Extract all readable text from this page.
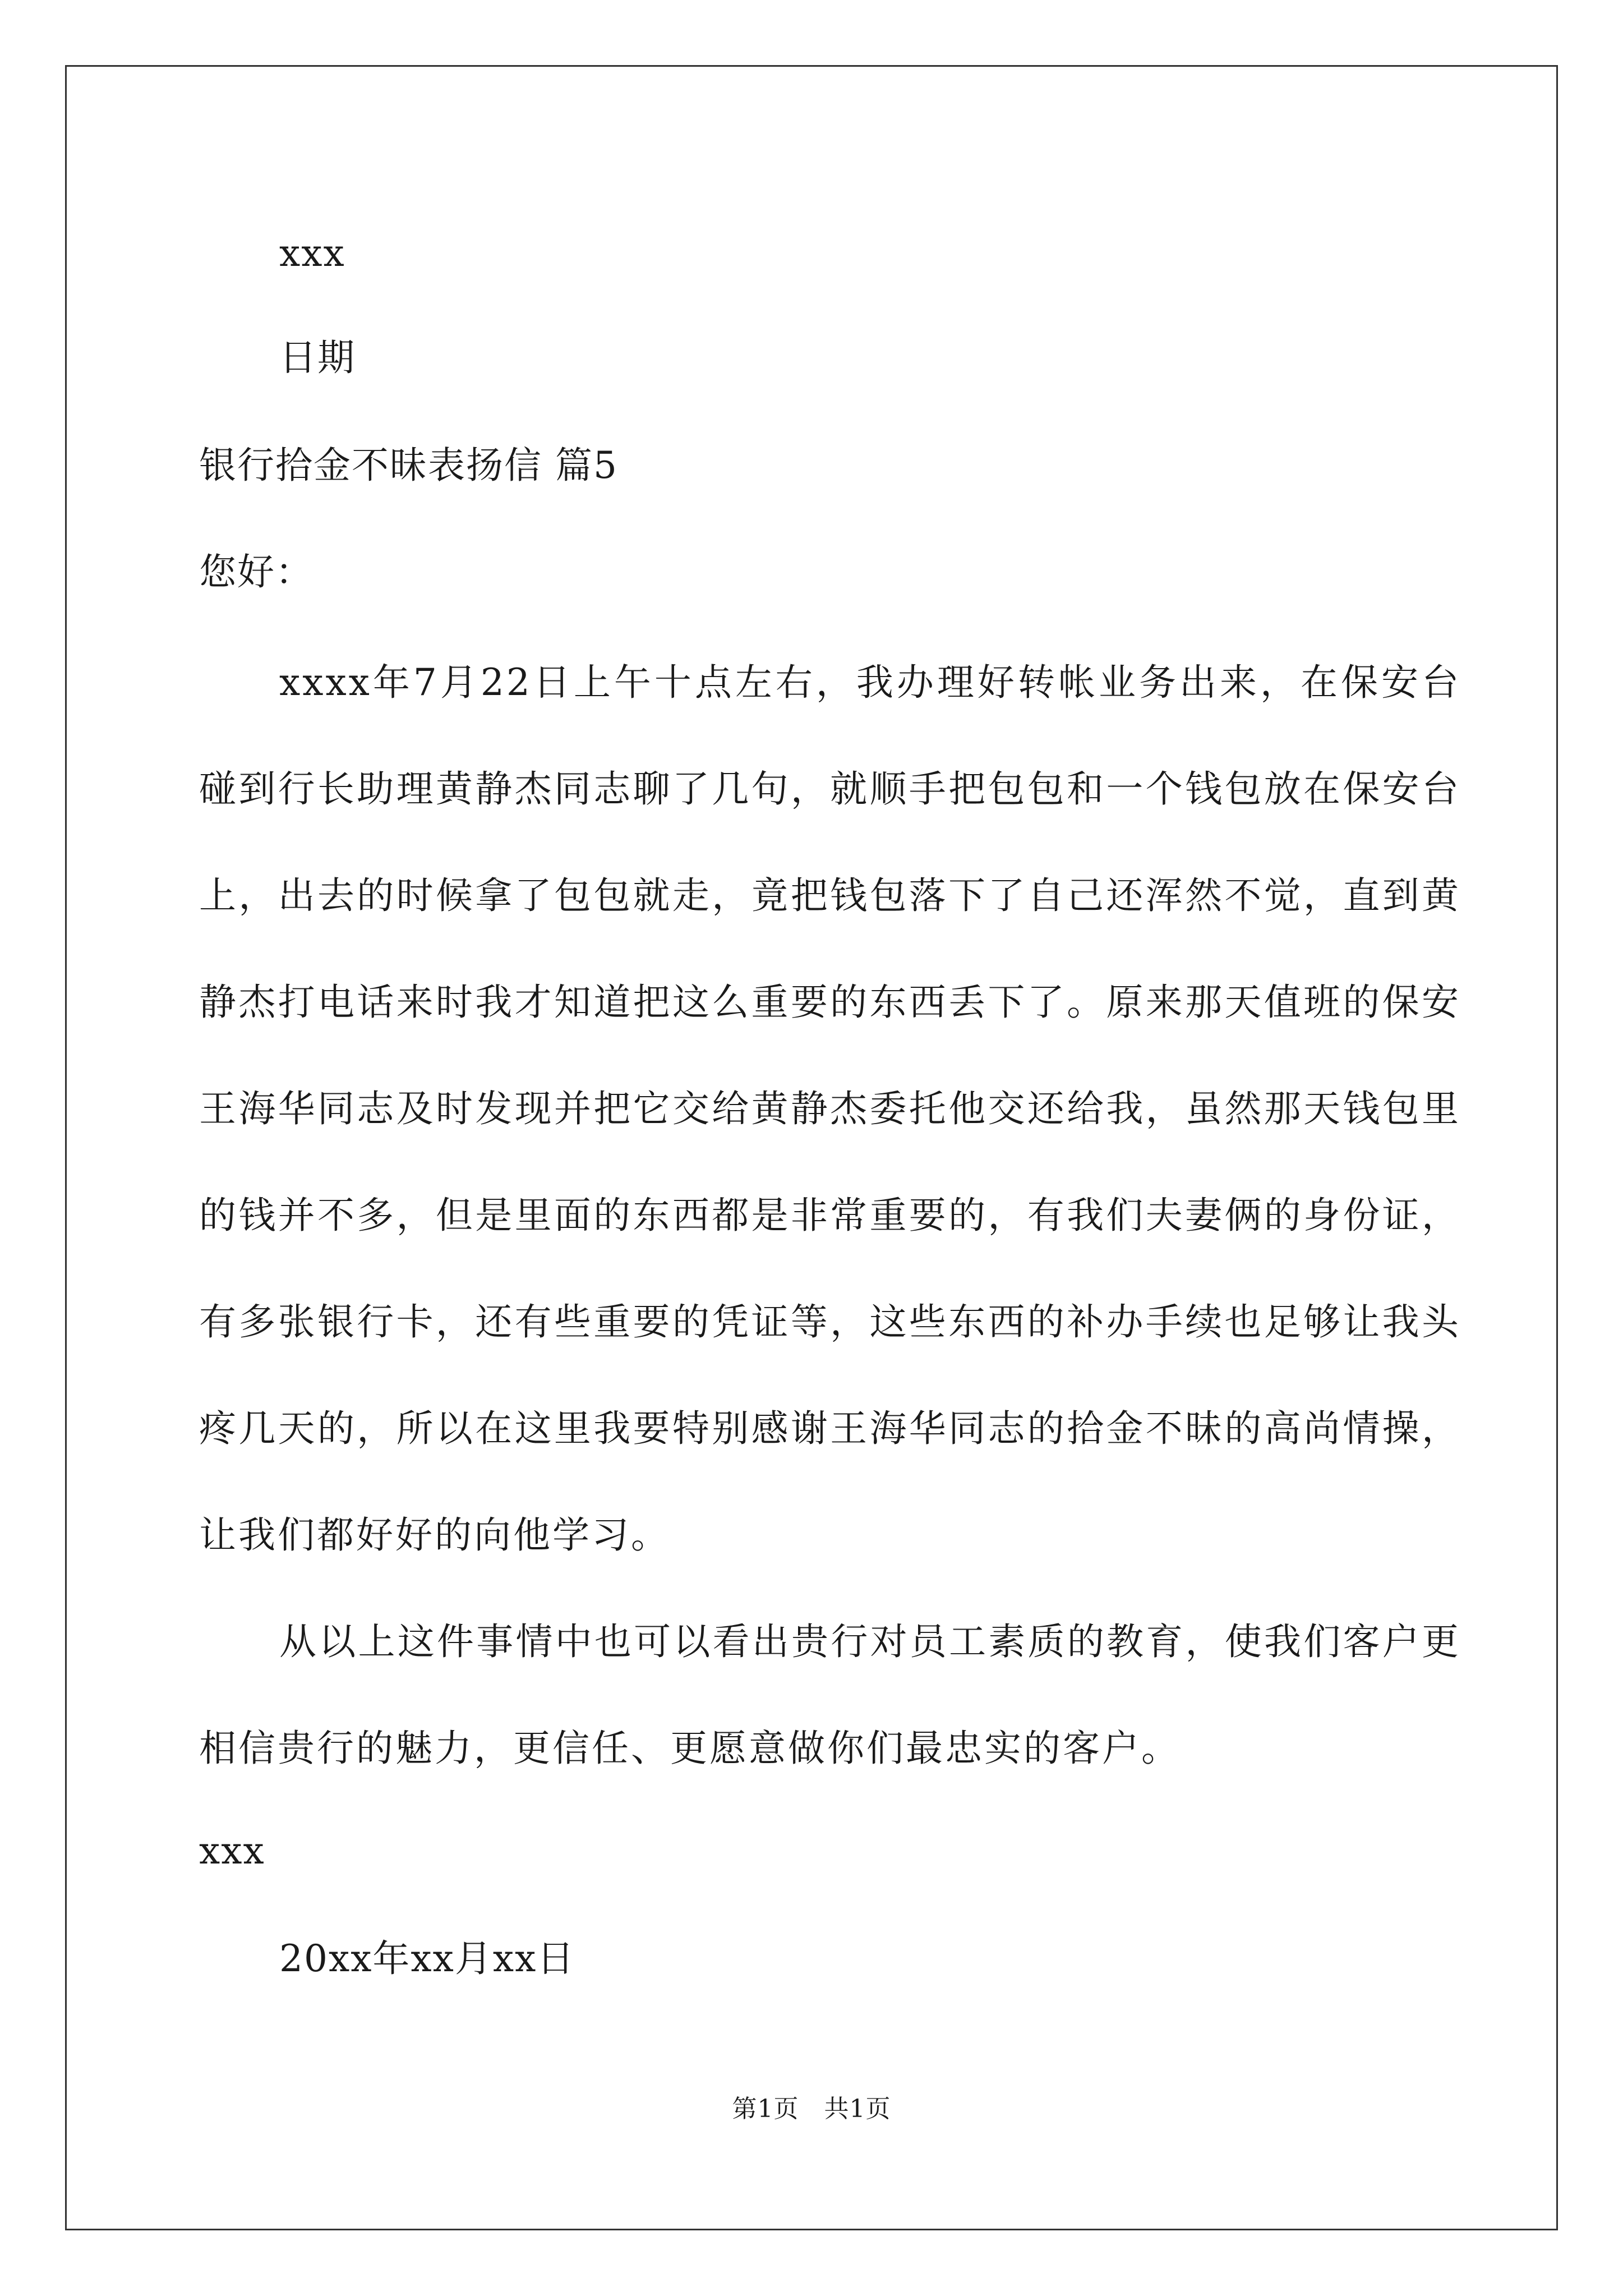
xxx
日期
银行拾金不昧表扬信 篇5
您好：
xxxx年7月22日上午十点左右，我办理好转帐业务出来，在保安台碰到行长助理黄静杰同志聊了几句，就顺手把包包和一个钱包放在保安台上，出去的时候拿了包包就走，竟把钱包落下了自己还浑然不觉，直到黄静杰打电话来时我才知道把这么重要的东西丢下了。原来那天值班的保安王海华同志及时发现并把它交给黄静杰委托他交还给我，虽然那天钱包里的钱并不多，但是里面的东西都是非常重要的，有我们夫妻俩的身份证，有多张银行卡，还有些重要的凭证等，这些东西的补办手续也足够让我头疼几天的，所以在这里我要特别感谢王海华同志的拾金不昧的高尚情操，让我们都好好的向他学习。
从以上这件事情中也可以看出贵行对员工素质的教育，使我们客户更相信贵行的魅力，更信任、更愿意做你们最忠实的客户。
xxx
20xx年xx月xx日
第1页　共1页
